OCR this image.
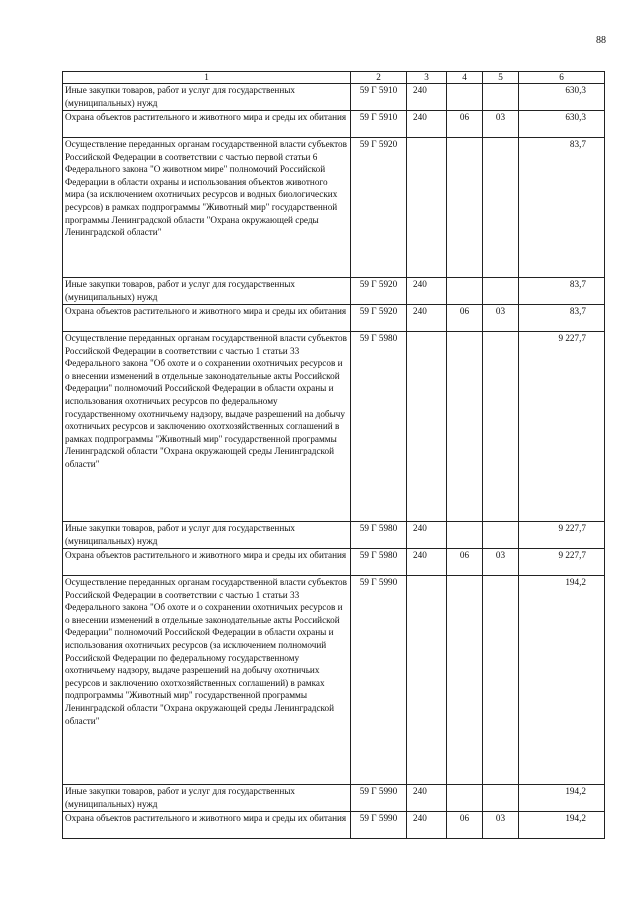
88
1	2	3	4	5	6
Иные закупки товаров, работ и услуг для государственных (муниципальных) нужд	59 Г 5910	240			630,3
Охрана объектов растительного и животного мира и среды их обитания	59 Г 5910	240	06	03	630,3
Осуществление переданных органам государственной власти субъектов Российской Федерации в соответствии с частью первой статьи 6 Федерального закона "О животном мире" полномочий Российской Федерации в области охраны и использования объектов животного мира (за исключением охотничьих ресурсов и водных биологических ресурсов) в рамках подпрограммы "Животный мир" государственной программы Ленинградской области "Охрана окружающей среды Ленинградской области"	59 Г 5920				83,7
Иные закупки товаров, работ и услуг для государственных (муниципальных) нужд	59 Г 5920	240			83,7
Охрана объектов растительного и животного мира и среды их обитания	59 Г 5920	240	06	03	83,7
Осуществление переданных органам государственной власти субъектов Российской Федерации в соответствии с частью 1 статьи 33 Федерального закона "Об охоте и о сохранении охотничьих ресурсов и о внесении изменений в отдельные законодательные акты Российской Федерации" полномочий Российской Федерации в области охраны и использования охотничьих ресурсов по федеральному государственному охотничьему надзору, выдаче разрешений на добычу охотничьих ресурсов и заключению охотхозяйственных соглашений в рамках подпрограммы "Животный мир" государственной программы Ленинградской области "Охрана окружающей среды Ленинградской области"	59 Г 5980				9 227,7
Иные закупки товаров, работ и услуг для государственных (муниципальных) нужд	59 Г 5980	240			9 227,7
Охрана объектов растительного и животного мира и среды их обитания	59 Г 5980	240	06	03	9 227,7
Осуществление переданных органам государственной власти субъектов Российской Федерации в соответствии с частью 1 статьи 33 Федерального закона "Об охоте и о сохранении охотничьих ресурсов и о внесении изменений в отдельные законодательные акты Российской Федерации" полномочий Российской Федерации в области охраны и использования охотничьих ресурсов (за исключением полномочий Российской Федерации по федеральному государственному охотничьему надзору, выдаче разрешений на добычу охотничьих ресурсов и заключению охотхозяйственных соглашений) в рамках подпрограммы "Животный мир" государственной программы Ленинградской области "Охрана окружающей среды Ленинградской области"	59 Г 5990				194,2
Иные закупки товаров, работ и услуг для государственных (муниципальных) нужд	59 Г 5990	240			194,2
Охрана объектов растительного и животного мира и среды их обитания	59 Г 5990	240	06	03	194,2
